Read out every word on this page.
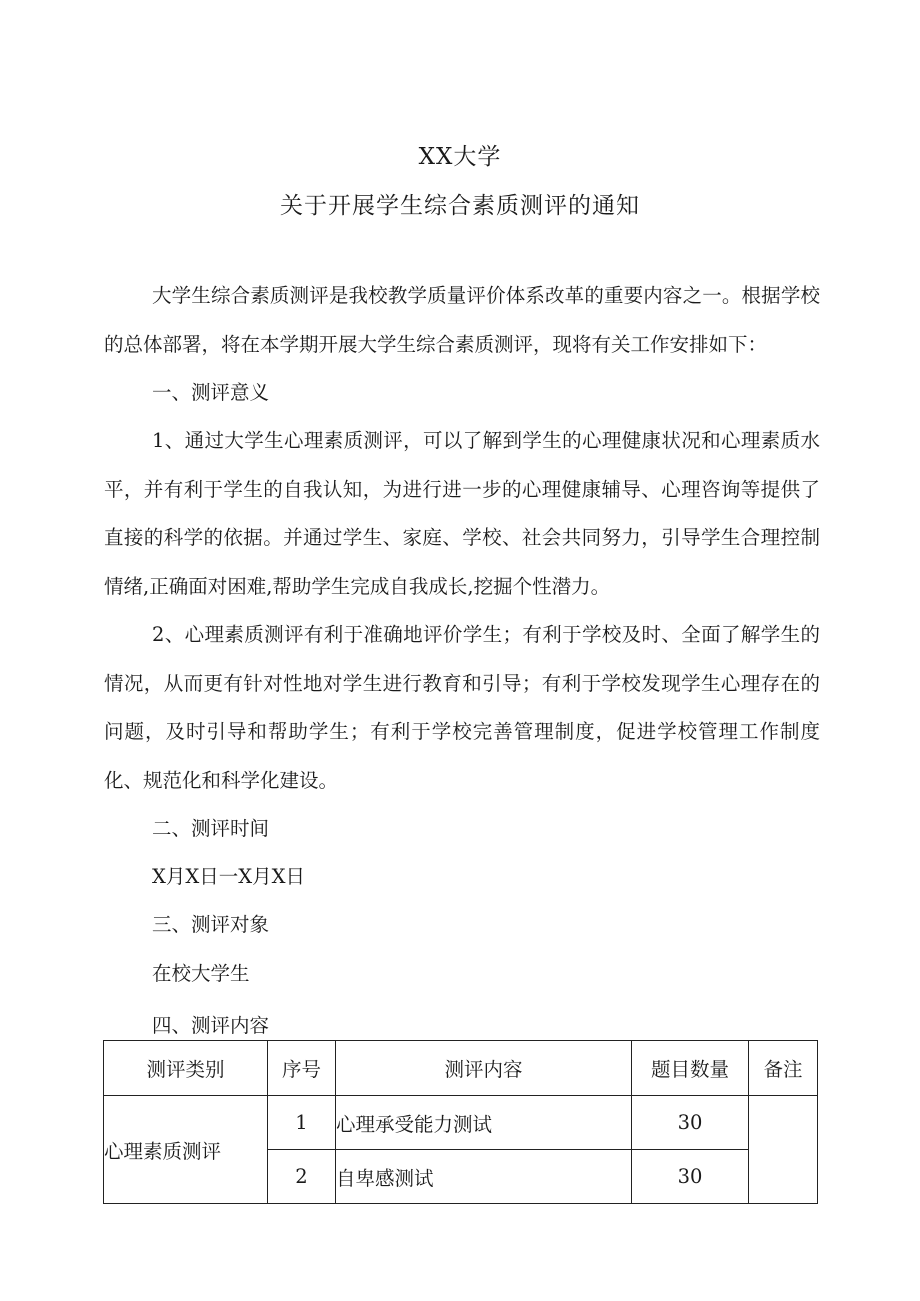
XX大学
关于开展学生综合素质测评的通知

大学生综合素质测评是我校教学质量评价体系改革的重要内容之一。根据学校的总体部署，将在本学期开展大学生综合素质测评，现将有关工作安排如下：

一、测评意义

1、通过大学生心理素质测评，可以了解到学生的心理健康状况和心理素质水平，并有利于学生的自我认知，为进行进一步的心理健康辅导、心理咨询等提供了直接的科学的依据。并通过学生、家庭、学校、社会共同努力，引导学生合理控制情绪,正确面对困难,帮助学生完成自我成长,挖掘个性潜力。

2、心理素质测评有利于准确地评价学生；有利于学校及时、全面了解学生的情况，从而更有针对性地对学生进行教育和引导；有利于学校发现学生心理存在的问题，及时引导和帮助学生；有利于学校完善管理制度，促进学校管理工作制度化、规范化和科学化建设。

二、测评时间

X月X日一X月X日

三、测评对象

在校大学生

四、测评内容

测评类别	序号	测评内容	题目数量	备注
心理素质测评	1	心理承受能力测试	30	
	2	自卑感测试	30	
